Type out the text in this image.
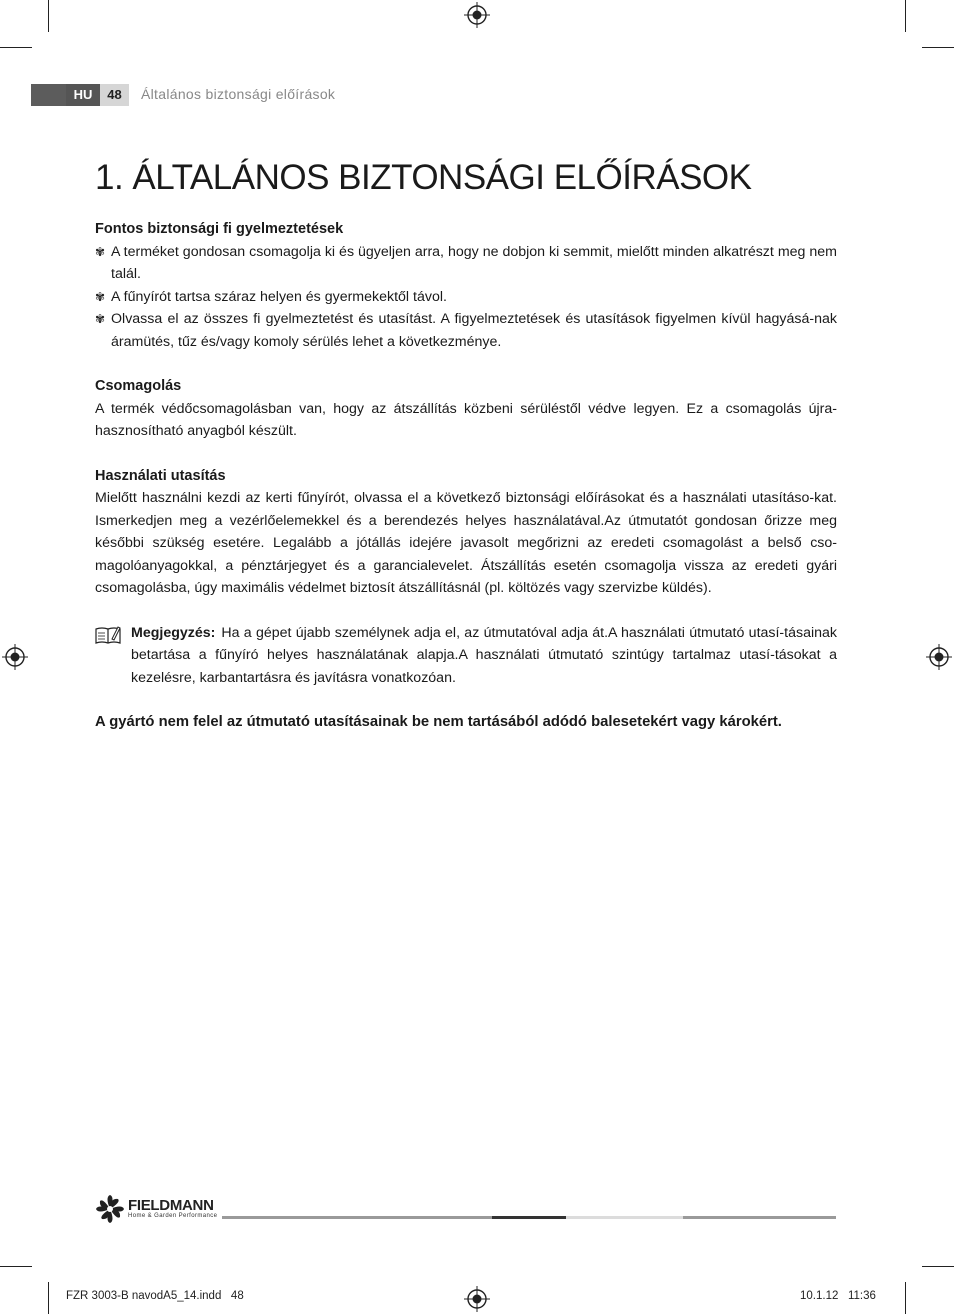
HU	48	Általános biztonsági előírások
1. ÁLTALÁNOS BIZTONSÁGI ELŐÍRÁSOK

Fontos biztonsági fi gyelmeztetések

✾ A terméket gondosan csomagolja ki és ügyeljen arra, hogy ne dobjon ki semmit, mielőtt minden alkatrészt meg nem talál.

✾ A fűnyírót tartsa száraz helyen és gyermekektől távol.

✾ Olvassa el az összes fi gyelmeztetést és utasítást. A figyelmeztetések és utasítások figyelmen kívül hagyásá-nak áramütés, tűz és/vagy komoly sérülés lehet a következménye.

Csomagolás

A termék védőcsomagolásban van, hogy az átszállítás közbeni sérüléstől védve legyen. Ez a csomagolás újra-hasznosítható anyagból készült.

Használati utasítás

Mielőtt használni kezdi az kerti fűnyírót, olvassa el a következő biztonsági előírásokat és a használati utasításo-kat. Ismerkedjen meg a vezérlőelemekkel és a berendezés helyes használatával.Az útmutatót gondosan őrizze meg későbbi szükség esetére. Legalább a jótállás idejére javasolt megőrizni az eredeti csomagolást a belső cso-magolóanyagokkal, a pénztárjegyet és a garancialevelet. Átszállítás esetén csomagolja vissza az eredeti gyári csomagolásba, úgy maximális védelmet biztosít átszállításnál (pl. költözés vagy szervizbe küldés).

Megjegyzés: Ha a gépet újabb személynek adja el, az útmutatóval adja át.A használati útmutató utasí-tásainak betartása a fűnyíró helyes használatának alapja.A használati útmutató szintúgy tartalmaz utasí-tásokat a kezelésre, karbantartásra és javításra vonatkozóan.

A gyártó nem felel az útmutató utasításainak be nem tartásából adódó balesetekért vagy károkért.

FIELDMANN
Home & Garden Performance
FZR 3003-B navodA5_14.indd   48	10.1.12   11:36
